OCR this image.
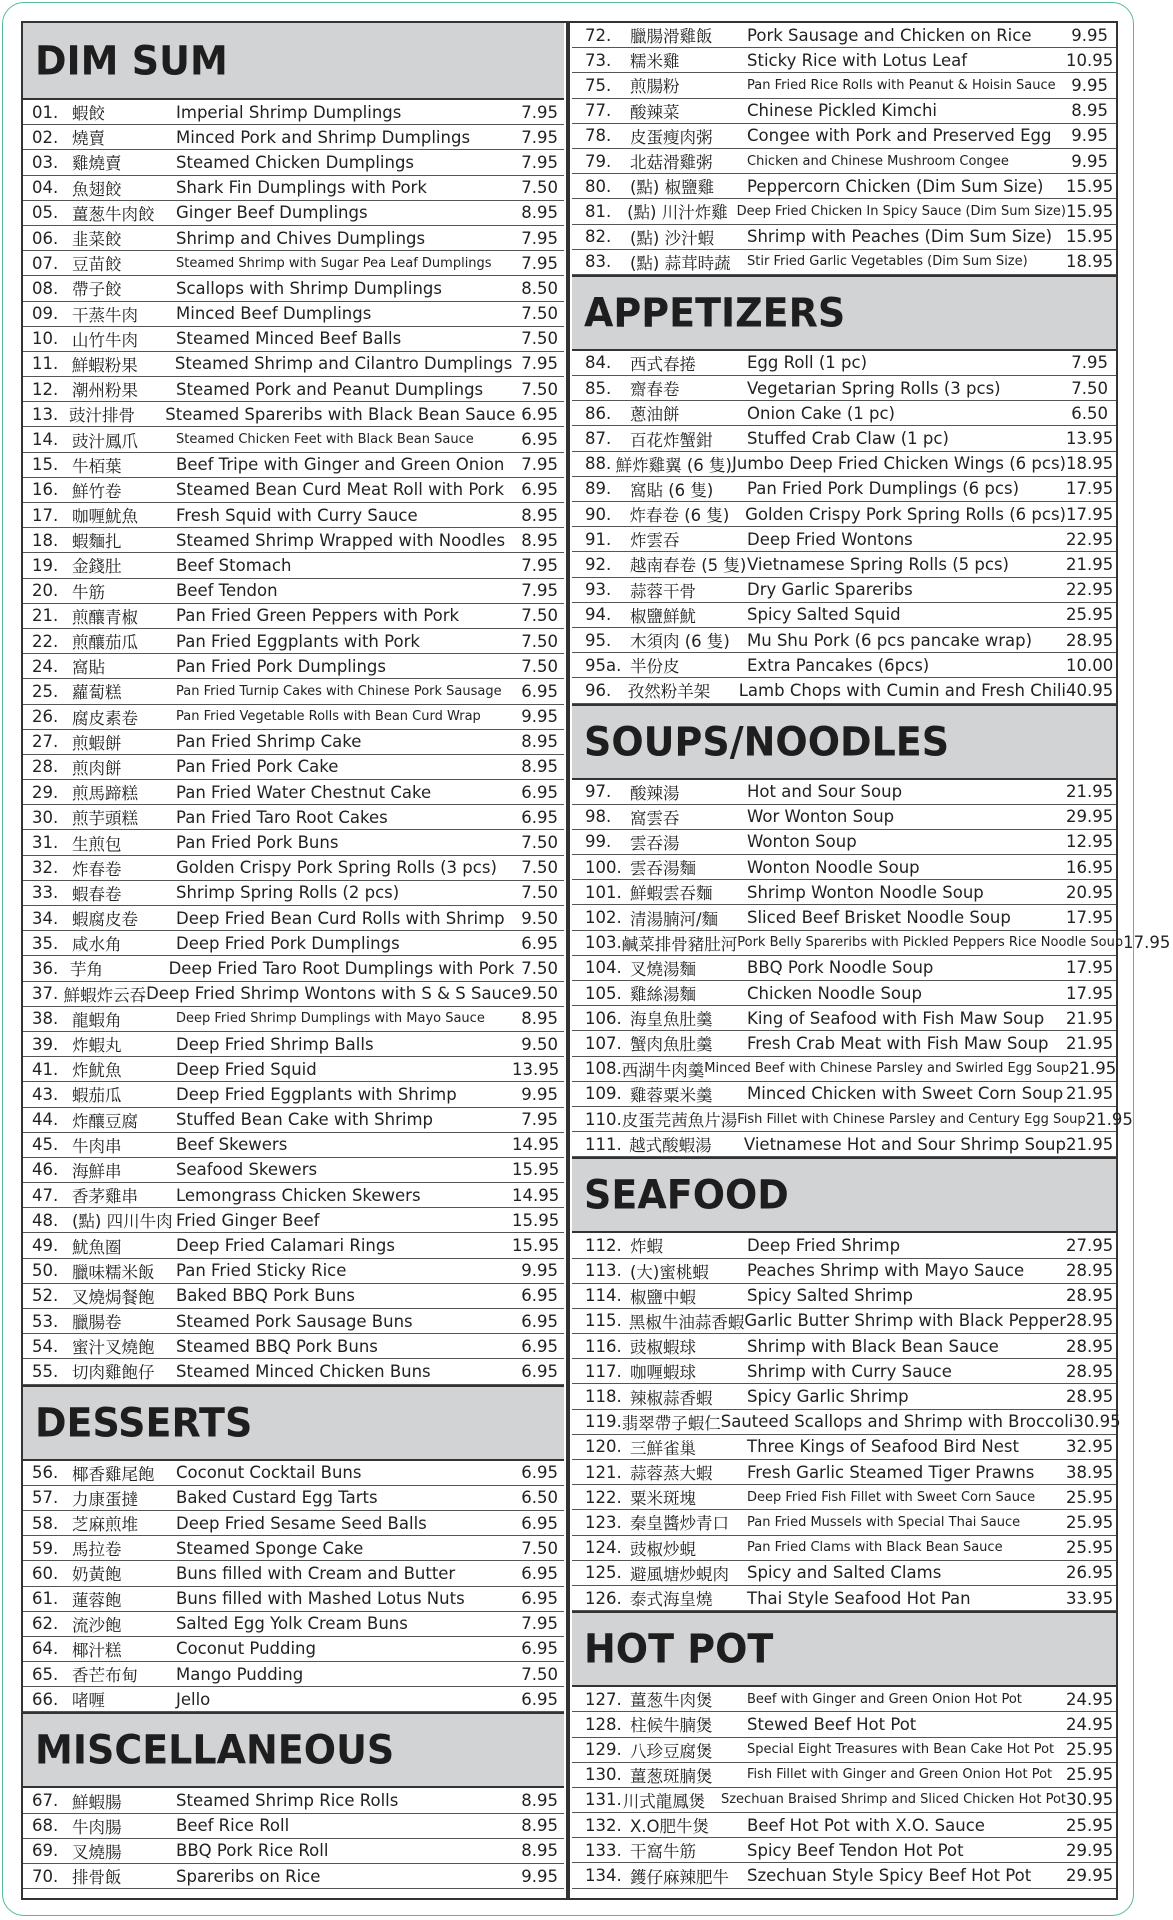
DIM SUM
01. 蝦餃	Imperial Shrimp Dumplings	7.95
02. 燒賣	Minced Pork and Shrimp Dumplings	7.95
03. 雞燒賣	Steamed Chicken Dumplings	7.95
04. 魚翅餃	Shark Fin Dumplings with Pork	7.50
05. 薑葱牛肉餃	Ginger Beef Dumplings	8.95
06. 韭菜餃	Shrimp and Chives Dumplings	7.95
07. 豆苗餃	Steamed Shrimp with Sugar Pea Leaf Dumplings	7.95
08. 帶子餃	Scallops with Shrimp Dumplings	8.50
09. 干蒸牛肉	Minced Beef Dumplings	7.50
10. 山竹牛肉	Steamed Minced Beef Balls	7.50
11. 鮮蝦粉果	Steamed Shrimp and Cilantro Dumplings 7.95
12. 潮州粉果	Steamed Pork and Peanut Dumplings	7.50
13. 豉汁排骨	Steamed Spareribs with Black Bean Sauce 6.95
14. 豉汁鳳爪	Steamed Chicken Feet with Black Bean Sauce	6.95
15. 牛栢葉	Beef Tripe with Ginger and Green Onion	7.95
16. 鮮竹卷	Steamed Bean Curd Meat Roll with Pork	6.95
17. 咖喱魷魚	Fresh Squid with Curry Sauce	8.95
18. 蝦麵扎	Steamed Shrimp Wrapped with Noodles 8.95
19. 金錢肚	Beef Stomach	7.95
20. 牛筋	Beef Tendon	7.95
21. 煎釀青椒	Pan Fried Green Peppers with Pork	7.50
22. 煎釀茄瓜	Pan Fried Eggplants with Pork	7.50
24. 窩貼	Pan Fried Pork Dumplings	7.50
25. 蘿蔔糕	Pan Fried Turnip Cakes with Chinese Pork Sausage	6.95
26. 腐皮素卷	Pan Fried Vegetable Rolls with Bean Curd Wrap	9.95
27. 煎蝦餅	Pan Fried Shrimp Cake	8.95
28. 煎肉餅	Pan Fried Pork Cake	8.95
29. 煎馬蹄糕	Pan Fried Water Chestnut Cake	6.95
30. 煎芋頭糕	Pan Fried Taro Root Cakes	6.95
31. 生煎包	Pan Fried Pork Buns	7.50
32. 炸春卷	Golden Crispy Pork Spring Rolls (3 pcs)	7.50
33. 蝦春卷	Shrimp Spring Rolls (2 pcs)	7.50
34. 蝦腐皮卷	Deep Fried Bean Curd Rolls with Shrimp	9.50
35. 咸水角	Deep Fried Pork Dumplings	6.95
36. 芋角	Deep Fried Taro Root Dumplings with Pork 7.50
37. 鮮蝦炸云吞 Deep Fried Shrimp Wontons with S & S Sauce 9.50
38. 龍蝦角	Deep Fried Shrimp Dumplings with Mayo Sauce	8.95
39. 炸蝦丸	Deep Fried Shrimp Balls	9.50
41. 炸魷魚	Deep Fried Squid	13.95
43. 蝦茄瓜	Deep Fried Eggplants with Shrimp	9.95
44. 炸釀豆腐	Stuffed Bean Cake with Shrimp	7.95
45. 牛肉串	Beef Skewers	14.95
46. 海鮮串	Seafood Skewers	15.95
47. 香茅雞串	Lemongrass Chicken Skewers	14.95
48. (點) 四川牛肉 Fried Ginger Beef	15.95
49. 魷魚圈	Deep Fried Calamari Rings	15.95
50. 臘味糯米飯	Pan Fried Sticky Rice	9.95
52. 叉燒焗餐飽	Baked BBQ Pork Buns	6.95
53. 臘腸卷	Steamed Pork Sausage Buns	6.95
54. 蜜汁叉燒飽	Steamed BBQ Pork Buns	6.95
55. 切肉雞飽仔	Steamed Minced Chicken Buns	6.95
DESSERTS
56. 椰香雞尾飽	Coconut Cocktail Buns	6.95
57. 力康蛋撻	Baked Custard Egg Tarts	6.50
58. 芝麻煎堆	Deep Fried Sesame Seed Balls	6.95
59. 馬拉卷	Steamed Sponge Cake	7.50
60. 奶黃飽	Buns filled with Cream and Butter	6.95
61. 蓮蓉飽	Buns filled with Mashed Lotus Nuts	6.95
62. 流沙飽	Salted Egg Yolk Cream Buns	7.95
64. 椰汁糕	Coconut Pudding	6.95
65. 香芒布甸	Mango Pudding	7.50
66. 啫喱	Jello	6.95
MISCELLANEOUS
67. 鮮蝦腸	Steamed Shrimp Rice Rolls	8.95
68. 牛肉腸	Beef Rice Roll	8.95
69. 叉燒腸	BBQ Pork Rice Roll	8.95
70. 排骨飯	Spareribs on Rice	9.95
72.	臘腸滑雞飯	Pork Sausage and Chicken on Rice	9.95
73.	糯米雞	Sticky Rice with Lotus Leaf	10.95
75.	煎腸粉	Pan Fried Rice Rolls with Peanut & Hoisin Sauce 9.95
77.	酸辣菜	Chinese Pickled Kimchi	8.95
78.	皮蛋瘦肉粥	Congee with Pork and Preserved Egg	9.95
79.	北菇滑雞粥	Chicken and Chinese Mushroom Congee	9.95
80.	(點) 椒鹽雞	Peppercorn Chicken (Dim Sum Size)	15.95
81. (點) 川汁炸雞 Deep Fried Chicken In Spicy Sauce (Dim Sum Size) 15.95
82.	(點) 沙汁蝦	Shrimp with Peaches (Dim Sum Size) 15.95
83.	(點) 蒜茸時蔬	Stir Fried Garlic Vegetables (Dim Sum Size)	18.95
APPETIZERS
84.	西式春捲	Egg Roll (1 pc)	7.95
85.	齋春卷	Vegetarian Spring Rolls (3 pcs)	7.50
86.	蔥油餅	Onion Cake (1 pc)	6.50
87.	百花炸蟹鉗	Stuffed Crab Claw (1 pc)	13.95
88. 鮮炸雞翼 (6 隻) Jumbo Deep Fried Chicken Wings (6 pcs) 18.95
89.	窩貼 (6 隻)	Pan Fried Pork Dumplings (6 pcs)	17.95
90.	炸春卷 (6 隻) Golden Crispy Pork Spring Rolls (6 pcs) 17.95
91.	炸雲吞	Deep Fried Wontons	22.95
92.	越南春卷 (5 隻) Vietnamese Spring Rolls (5 pcs)	21.95
93.	蒜蓉干骨	Dry Garlic Spareribs	22.95
94.	椒鹽鮮魷	Spicy Salted Squid	25.95
95.	木須肉 (6 隻)	Mu Shu Pork (6 pcs pancake wrap)	28.95
95a. 半份皮	Extra Pancakes (6pcs)	10.00
96. 孜然粉羊架	Lamb Chops with Cumin and Fresh Chili 40.95
SOUPS/NOODLES
97.	酸辣湯	Hot and Sour Soup	21.95
98.	窩雲吞	Wor Wonton Soup	29.95
99.	雲吞湯	Wonton Soup	12.95
100. 雲吞湯麵	Wonton Noodle Soup	16.95
101. 鮮蝦雲吞麵	Shrimp Wonton Noodle Soup	20.95
102. 清湯腩河/麵	Sliced Beef Brisket Noodle Soup	17.95
103. 鹹菜排骨豬肚河 Pork Belly Spareribs with Pickled Peppers Rice Noodle Soup 17.95
104. 叉燒湯麵	BBQ Pork Noodle Soup	17.95
105. 雞絲湯麵	Chicken Noodle Soup	17.95
106. 海皇魚肚羹	King of Seafood with Fish Maw Soup	21.95
107. 蟹肉魚肚羹	Fresh Crab Meat with Fish Maw Soup	21.95
108. 西湖牛肉羹 Minced Beef with Chinese Parsley and Swirled Egg Soup 21.95
109. 雞蓉粟米羹	Minced Chicken with Sweet Corn Soup 21.95
110. 皮蛋芫茜魚片湯 Fish Fillet with Chinese Parsley and Century Egg Soup 21.95
111. 越式酸蝦湯	Vietnamese Hot and Sour Shrimp Soup 21.95
SEAFOOD
112. 炸蝦	Deep Fried Shrimp	27.95
113. (大)蜜桃蝦	Peaches Shrimp with Mayo Sauce	28.95
114. 椒鹽中蝦	Spicy Salted Shrimp	28.95
115. 黑椒牛油蒜香蝦 Garlic Butter Shrimp with Black Pepper 28.95
116. 豉椒蝦球	Shrimp with Black Bean Sauce	28.95
117. 咖喱蝦球	Shrimp with Curry Sauce	28.95
118. 辣椒蒜香蝦	Spicy Garlic Shrimp	28.95
119. 翡翠帶子蝦仁 Sauteed Scallops and Shrimp with Broccoli 30.95
120. 三鮮雀巢	Three Kings of Seafood Bird Nest	32.95
121. 蒜蓉蒸大蝦	Fresh Garlic Steamed Tiger Prawns	38.95
122. 粟米斑塊	Deep Fried Fish Fillet with Sweet Corn Sauce	25.95
123. 秦皇醬炒青口	Pan Fried Mussels with Special Thai Sauce	25.95
124. 豉椒炒蜆	Pan Fried Clams with Black Bean Sauce	25.95
125. 避風塘炒蜆肉	Spicy and Salted Clams	26.95
126. 泰式海皇燒	Thai Style Seafood Hot Pan	33.95
HOT POT
127. 薑葱牛肉煲	Beef with Ginger and Green Onion Hot Pot	24.95
128. 柱候牛腩煲	Stewed Beef Hot Pot	24.95
129. 八珍豆腐煲	Special Eight Treasures with Bean Cake Hot Pot 25.95
130. 薑葱斑腩煲	Fish Fillet with Ginger and Green Onion Hot Pot 25.95
131. 川式龍鳳煲	Szechuan Braised Shrimp and Sliced Chicken Hot Pot 30.95
132. X.O肥牛煲	Beef Hot Pot with X.O. Sauce	25.95
133. 干窩牛筋	Spicy Beef Tendon Hot Pot	29.95
134. 鑊仔麻辣肥牛	Szechuan Style Spicy Beef Hot Pot	29.95
